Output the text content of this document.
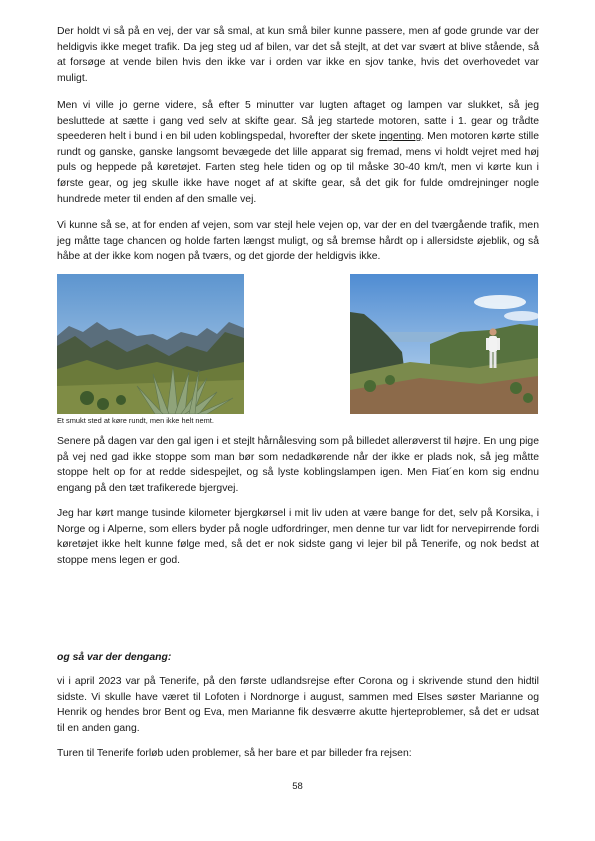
Der holdt vi så på en vej, der var så smal, at kun små biler kunne passere, men af gode grunde var der heldigvis ikke meget trafik. Da jeg steg ud af bilen, var det så stejlt, at det var svært at blive stående, så at forsøge at vende bilen hvis den ikke var i orden var ikke en sjov tanke, hvis det overhovedet var muligt.

Men vi ville jo gerne videre, så efter 5 minutter var lugten aftaget og lampen var slukket, så jeg besluttede at sætte i gang ved selv at skifte gear. Så jeg startede motoren, satte i 1. gear og trådte speederen helt i bund i en bil uden koblingspedal, hvorefter der skete ingenting. Men motoren kørte stille rundt og ganske, ganske langsomt bevægede det lille apparat sig fremad, mens vi holdt vejret med høj puls og heppede på køretøjet. Farten steg hele tiden og op til måske 30-40 km/t, men vi kørte kun i første gear, og jeg skulle ikke have noget af at skifte gear, så det gik for fulde omdrejninger nogle hundrede meter til enden af den smalle vej.

Vi kunne så se, at for enden af vejen, som var stejl hele vejen op, var der en del tværgående trafik, men jeg måtte tage chancen og holde farten længst muligt, og så bremse hårdt op i allersidste øjeblik, og så håbe at der ikke kom nogen på tværs, og det gjorde der heldigvis ikke.

Et smukt sted at køre rundt, men ikke helt nemt.

Senere på dagen var den gal igen i et stejlt hårnålesving som på billedet allerøverst til højre. En ung pige på vej ned gad ikke stoppe som man bør som nedadkørende når der ikke er plads nok, så jeg måtte stoppe helt op for at redde sidespejlet, og så lyste koblingslampen igen. Men Fiat´en kom sig endnu engang på den tæt trafikerede bjergvej.

Jeg har kørt mange tusinde kilometer bjergkørsel i mit liv uden at være bange for det, selv på Korsika, i Norge og i Alperne, som ellers byder på nogle udfordringer, men denne tur var lidt for nervepirrende fordi køretøjet ikke helt kunne følge med, så det er nok sidste gang vi lejer bil på Tenerife, og nok bedst at stoppe mens legen er god.

og så var der dengang:

vi i april 2023 var på Tenerife, på den første udlandsrejse efter Corona og i skrivende stund den hidtil sidste. Vi skulle have været til Lofoten i Nordnorge i august, sammen med Elses søster Marianne og Henrik og hendes bror Bent og Eva, men Marianne fik desværre akutte hjerteproblemer, så det er udsat til en anden gang.

Turen til Tenerife forløb uden problemer, så her bare et par billeder fra rejsen:

58
